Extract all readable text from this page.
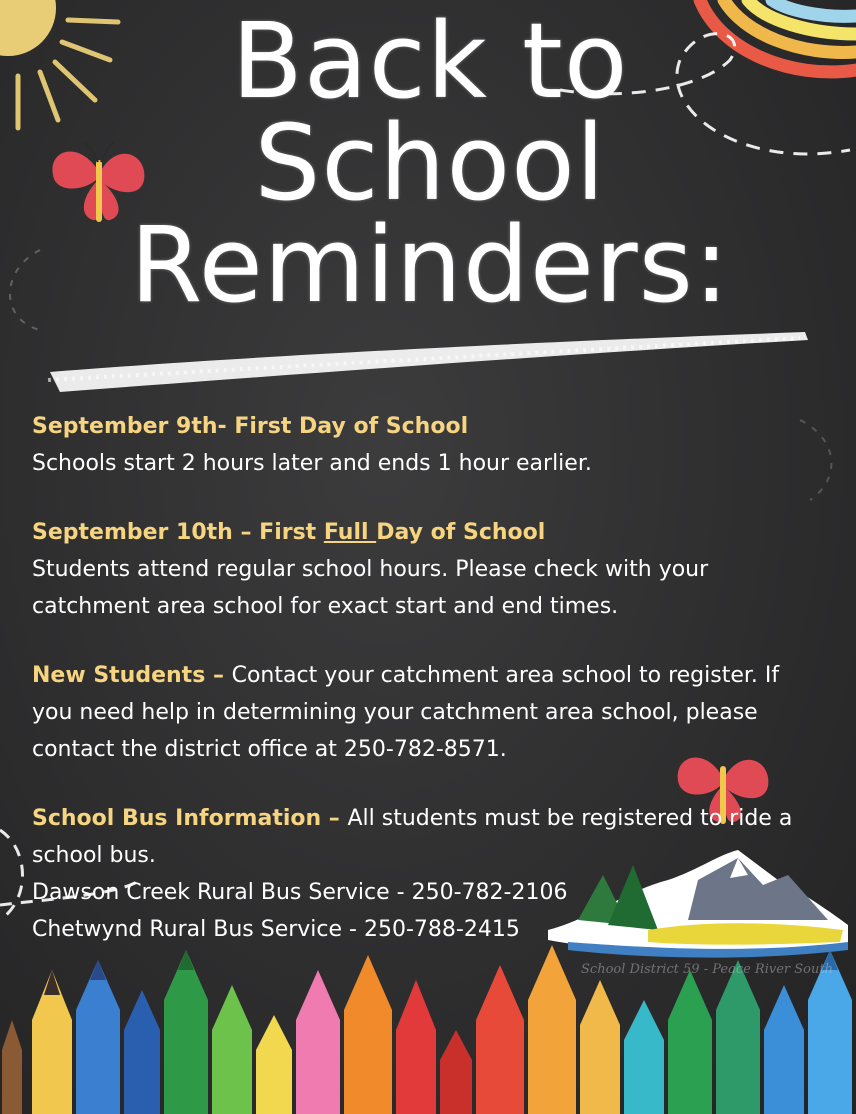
Back to
School
Reminders:
September 9th- First Day of School
Schools start 2 hours later and ends 1 hour earlier.
September 10th – First Full Day of School
Students attend regular school hours. Please check with your
catchment area school for exact start and end times.
New Students – Contact your catchment area school to register. If
you need help in determining your catchment area school, please
contact the district office at 250-782-8571.
School Bus Information – All students must be registered to ride a
school bus.
Dawson Creek Rural Bus Service - 250-782-2106
Chetwynd Rural Bus Service - 250-788-2415
School District 59 - Peace River South
